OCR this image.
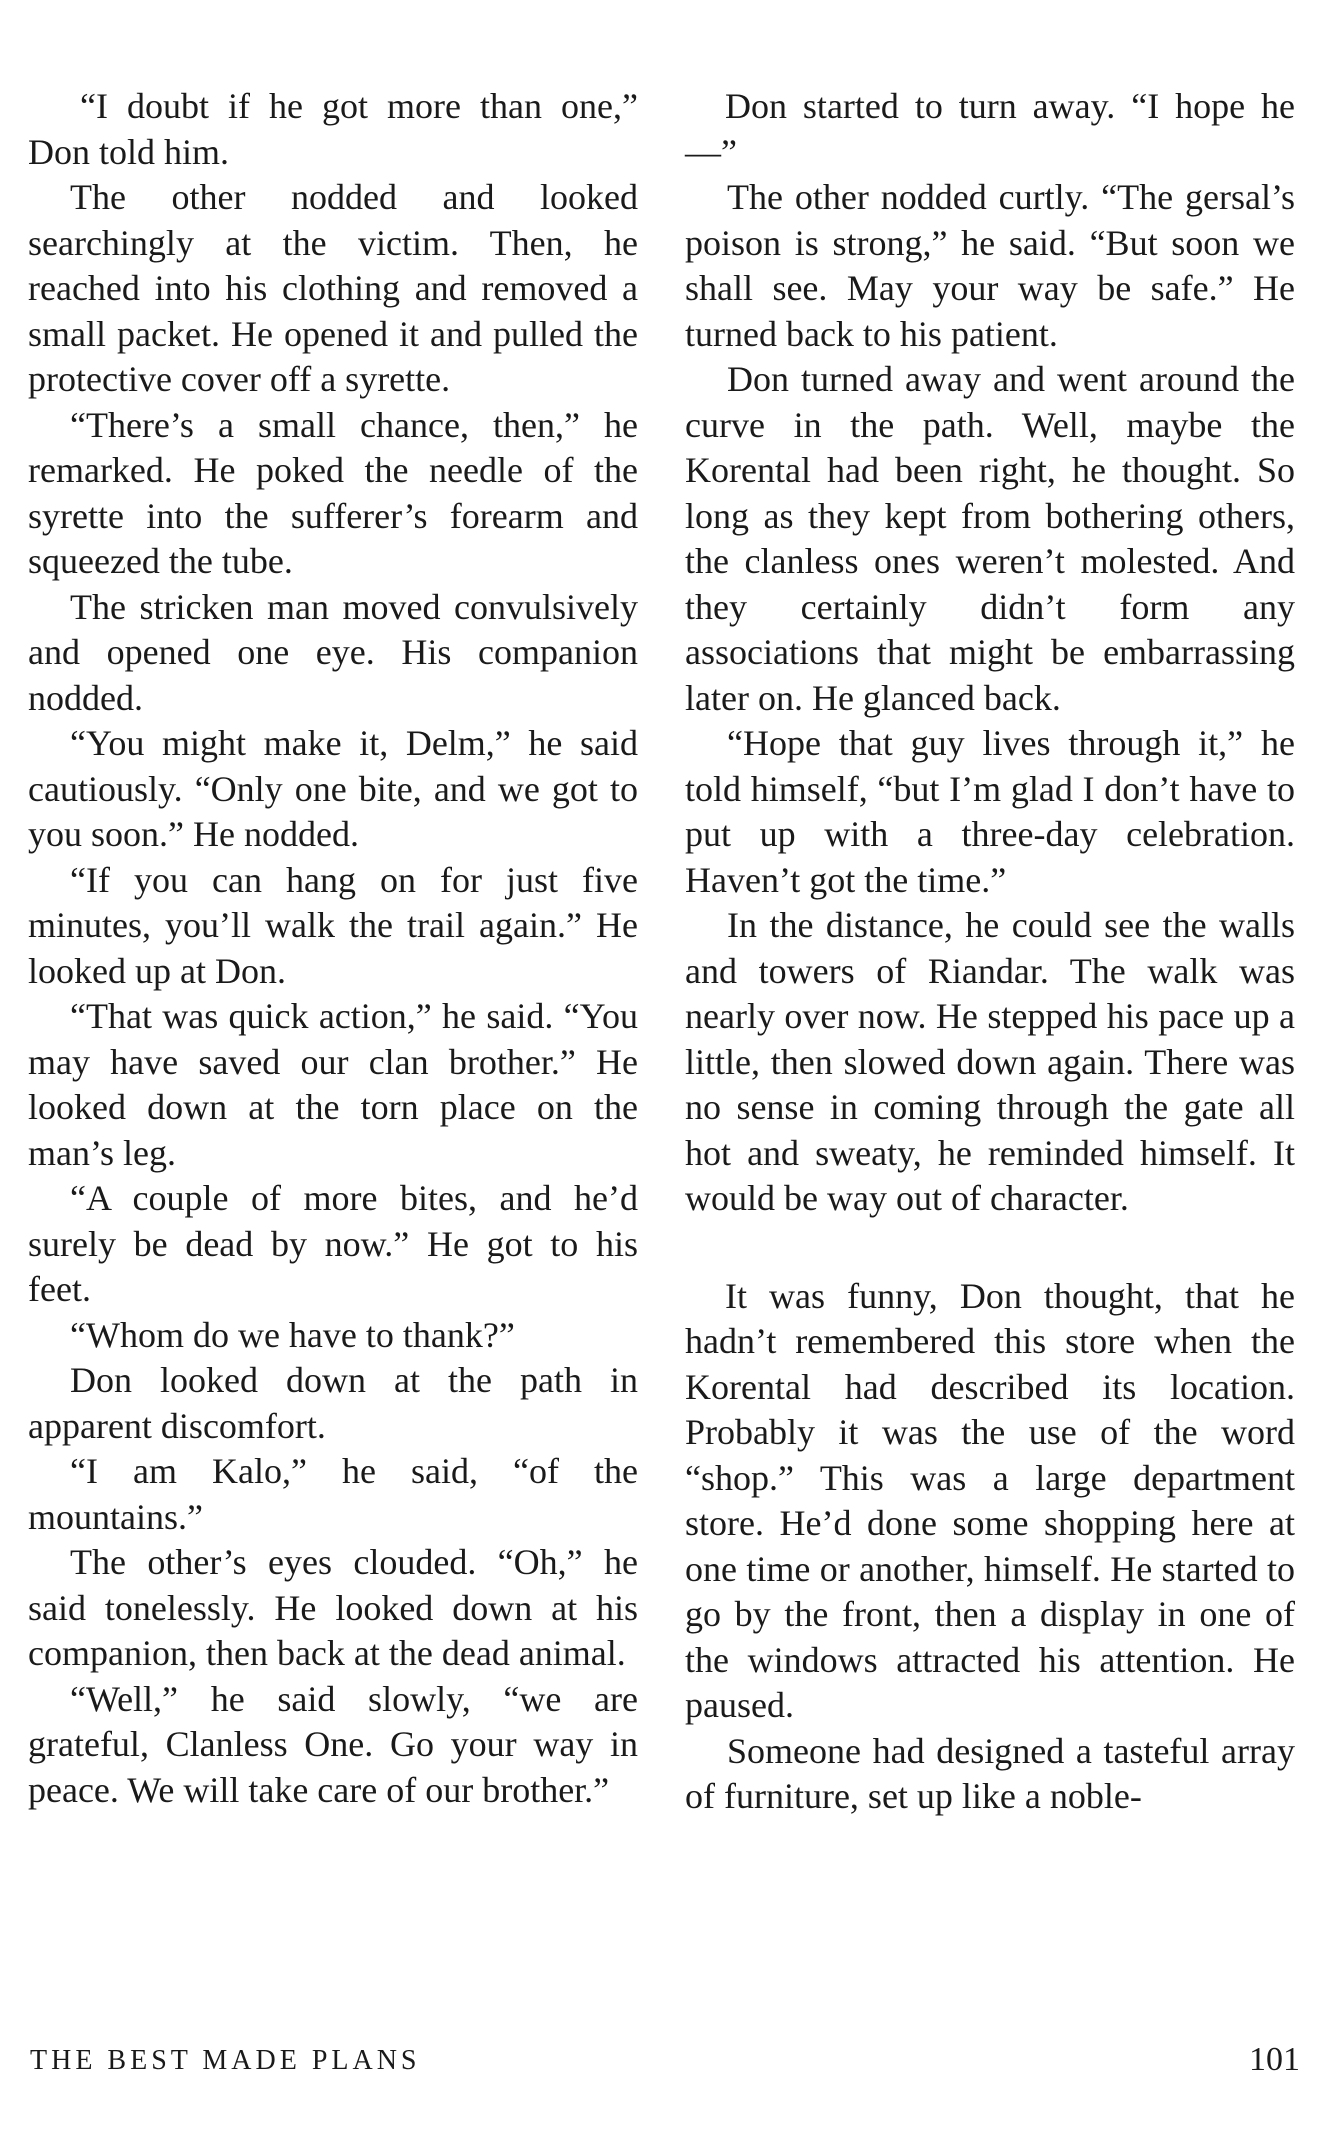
“I doubt if he got more than one,” Don told him.

The other nodded and looked searchingly at the victim. Then, he reached into his clothing and removed a small packet. He opened it and pulled the protective cover off a syrette.

“There’s a small chance, then,” he remarked. He poked the needle of the syrette into the sufferer’s forearm and squeezed the tube.

The stricken man moved convulsively and opened one eye. His companion nodded.

“You might make it, Delm,” he said cautiously. “Only one bite, and we got to you soon.” He nodded.

“If you can hang on for just five minutes, you’ll walk the trail again.” He looked up at Don.

“That was quick action,” he said. “You may have saved our clan brother.” He looked down at the torn place on the man’s leg.

“A couple of more bites, and he’d surely be dead by now.” He got to his feet.

“Whom do we have to thank?”

Don looked down at the path in apparent discomfort.

“I am Kalo,” he said, “of the mountains.”

The other’s eyes clouded. “Oh,” he said tonelessly. He looked down at his companion, then back at the dead animal.

“Well,” he said slowly, “we are grateful, Clanless One. Go your way in peace. We will take care of our brother.”

Don started to turn away. “I hope he—”

The other nodded curtly. “The gersal’s poison is strong,” he said. “But soon we shall see. May your way be safe.” He turned back to his patient.

Don turned away and went around the curve in the path. Well, maybe the Korental had been right, he thought. So long as they kept from bothering others, the clanless ones weren’t molested. And they certainly didn’t form any associations that might be embarrassing later on. He glanced back.

“Hope that guy lives through it,” he told himself, “but I’m glad I don’t have to put up with a three-day celebration. Haven’t got the time.”

In the distance, he could see the walls and towers of Riandar. The walk was nearly over now. He stepped his pace up a little, then slowed down again. There was no sense in coming through the gate all hot and sweaty, he reminded himself. It would be way out of character.

It was funny, Don thought, that he hadn’t remembered this store when the Korental had described its location. Probably it was the use of the word “shop.” This was a large department store. He’d done some shopping here at one time or another, himself. He started to go by the front, then a display in one of the windows attracted his attention. He paused.

Someone had designed a tasteful array of furniture, set up like a noble-

THE BEST MADE PLANS	101
